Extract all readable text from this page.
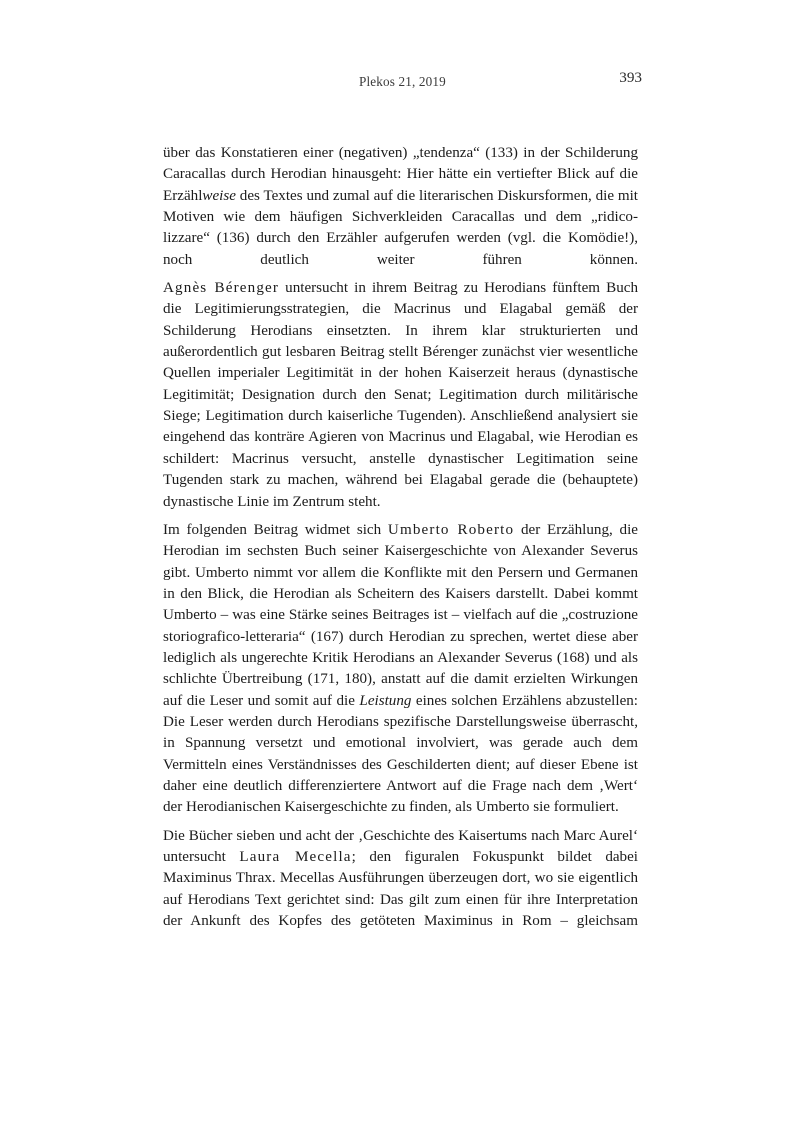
Plekos 21, 2019	393

über das Konstatieren einer (negativen) „tendenza“ (133) in der Schilderung Caracallas durch Herodian hinausgeht: Hier hätte ein vertiefter Blick auf die Erzählweise des Textes und zumal auf die literarischen Diskursformen, die mit Motiven wie dem häufigen Sichverkleiden Caracallas und dem „ridico-lizzare“ (136) durch den Erzähler aufgerufen werden (vgl. die Komödie!), noch deutlich weiter führen können.

Agnès Bérenger untersucht in ihrem Beitrag zu Herodians fünftem Buch die Legitimierungsstrategien, die Macrinus und Elagabal gemäß der Schilderung Herodians einsetzten. In ihrem klar strukturierten und außerordentlich gut lesbaren Beitrag stellt Bérenger zunächst vier wesentliche Quellen imperialer Legitimität in der hohen Kaiserzeit heraus (dynastische Legitimität; Designation durch den Senat; Legitimation durch militärische Siege; Legitimation durch kaiserliche Tugenden). Anschließend analysiert sie eingehend das konträre Agieren von Macrinus und Elagabal, wie Herodian es schildert: Macrinus versucht, anstelle dynastischer Legitimation seine Tugenden stark zu machen, während bei Elagabal gerade die (behauptete) dynastische Linie im Zentrum steht.

Im folgenden Beitrag widmet sich Umberto Roberto der Erzählung, die Herodian im sechsten Buch seiner Kaisergeschichte von Alexander Severus gibt. Umberto nimmt vor allem die Konflikte mit den Persern und Germanen in den Blick, die Herodian als Scheitern des Kaisers darstellt. Dabei kommt Umberto – was eine Stärke seines Beitrages ist – vielfach auf die „costruzione storiografico-letteraria“ (167) durch Herodian zu sprechen, wertet diese aber lediglich als ungerechte Kritik Herodians an Alexander Severus (168) und als schlichte Übertreibung (171, 180), anstatt auf die damit erzielten Wirkungen auf die Leser und somit auf die Leistung eines solchen Erzählens abzustellen: Die Leser werden durch Herodians spezifische Darstellungsweise überrascht, in Spannung versetzt und emotional involviert, was gerade auch dem Vermitteln eines Verständnisses des Geschilderten dient; auf dieser Ebene ist daher eine deutlich differenziertere Antwort auf die Frage nach dem ‚Wert‘ der Herodianischen Kaisergeschichte zu finden, als Umberto sie formuliert.

Die Bücher sieben und acht der ‚Geschichte des Kaisertums nach Marc Aurel‘ untersucht Laura Mecella; den figuralen Fokuspunkt bildet dabei Maximinus Thrax. Mecellas Ausführungen überzeugen dort, wo sie eigentlich auf Herodians Text gerichtet sind: Das gilt zum einen für ihre Interpretation der Ankunft des Kopfes des getöteten Maximinus in Rom – gleichsam
